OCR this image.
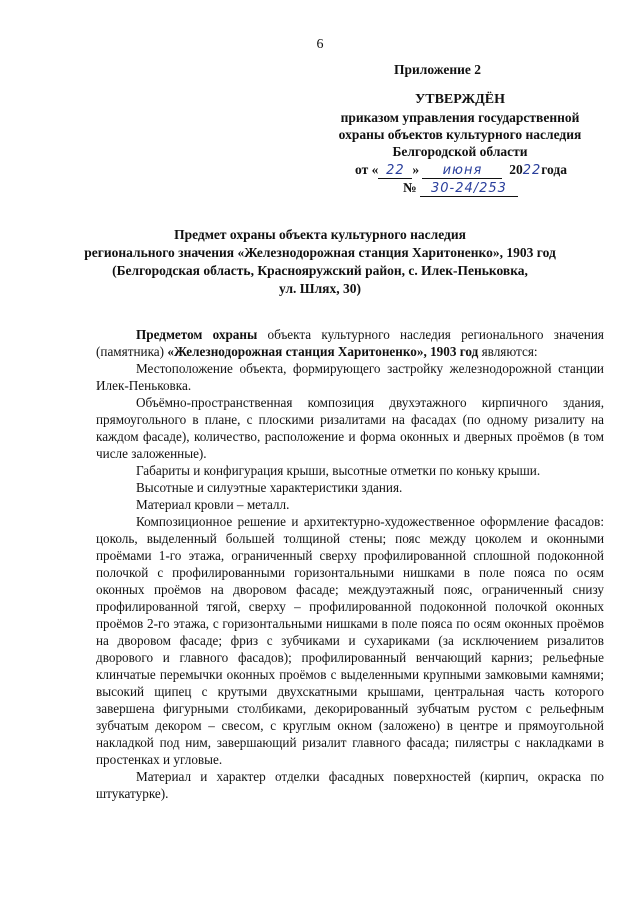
6
Приложение 2
УТВЕРЖДЁН
приказом управления государственной
охраны объектов культурного наследия
Белгородской области
от « 22 » июня 2022года
№ 30-24/253
Предмет охраны объекта культурного наследия
регионального значения «Железнодорожная станция Харитоненко», 1903 год
(Белгородская область, Краснояружский район, с. Илек-Пеньковка,
ул. Шлях, 30)

Предметом охраны объекта культурного наследия регионального значения (памятника) «Железнодорожная станция Харитоненко», 1903 год являются:

Местоположение объекта, формирующего застройку железнодорожной станции Илек-Пеньковка.

Объёмно-пространственная композиция двухэтажного кирпичного здания, прямоугольного в плане, с плоскими ризалитами на фасадах (по одному ризалиту на каждом фасаде), количество, расположение и форма оконных и дверных проёмов (в том числе заложенные).

Габариты и конфигурация крыши, высотные отметки по коньку крыши.

Высотные и силуэтные характеристики здания.

Материал кровли – металл.

Композиционное решение и архитектурно-художественное оформление фасадов: цоколь, выделенный большей толщиной стены; пояс между цоколем и оконными проёмами 1-го этажа, ограниченный сверху профилированной сплошной подоконной полочкой с профилированными горизонтальными нишками в поле пояса по осям оконных проёмов на дворовом фасаде; междуэтажный пояс, ограниченный снизу профилированной тягой, сверху – профилированной подоконной полочкой оконных проёмов 2-го этажа, с горизонтальными нишками в поле пояса по осям оконных проёмов на дворовом фасаде; фриз с зубчиками и сухариками (за исключением ризалитов дворового и главного фасадов); профилированный венчающий карниз; рельефные клинчатые перемычки оконных проёмов с выделенными крупными замковыми камнями; высокий щипец с крутыми двухскатными крышами, центральная часть которого завершена фигурными столбиками, декорированный зубчатым рустом с рельефным зубчатым декором – свесом, с круглым окном (заложено) в центре и прямоугольной накладкой под ним, завершающий ризалит главного фасада; пилястры с накладками в простенках и угловые.

Материал и характер отделки фасадных поверхностей (кирпич, окраска по штукатурке).
